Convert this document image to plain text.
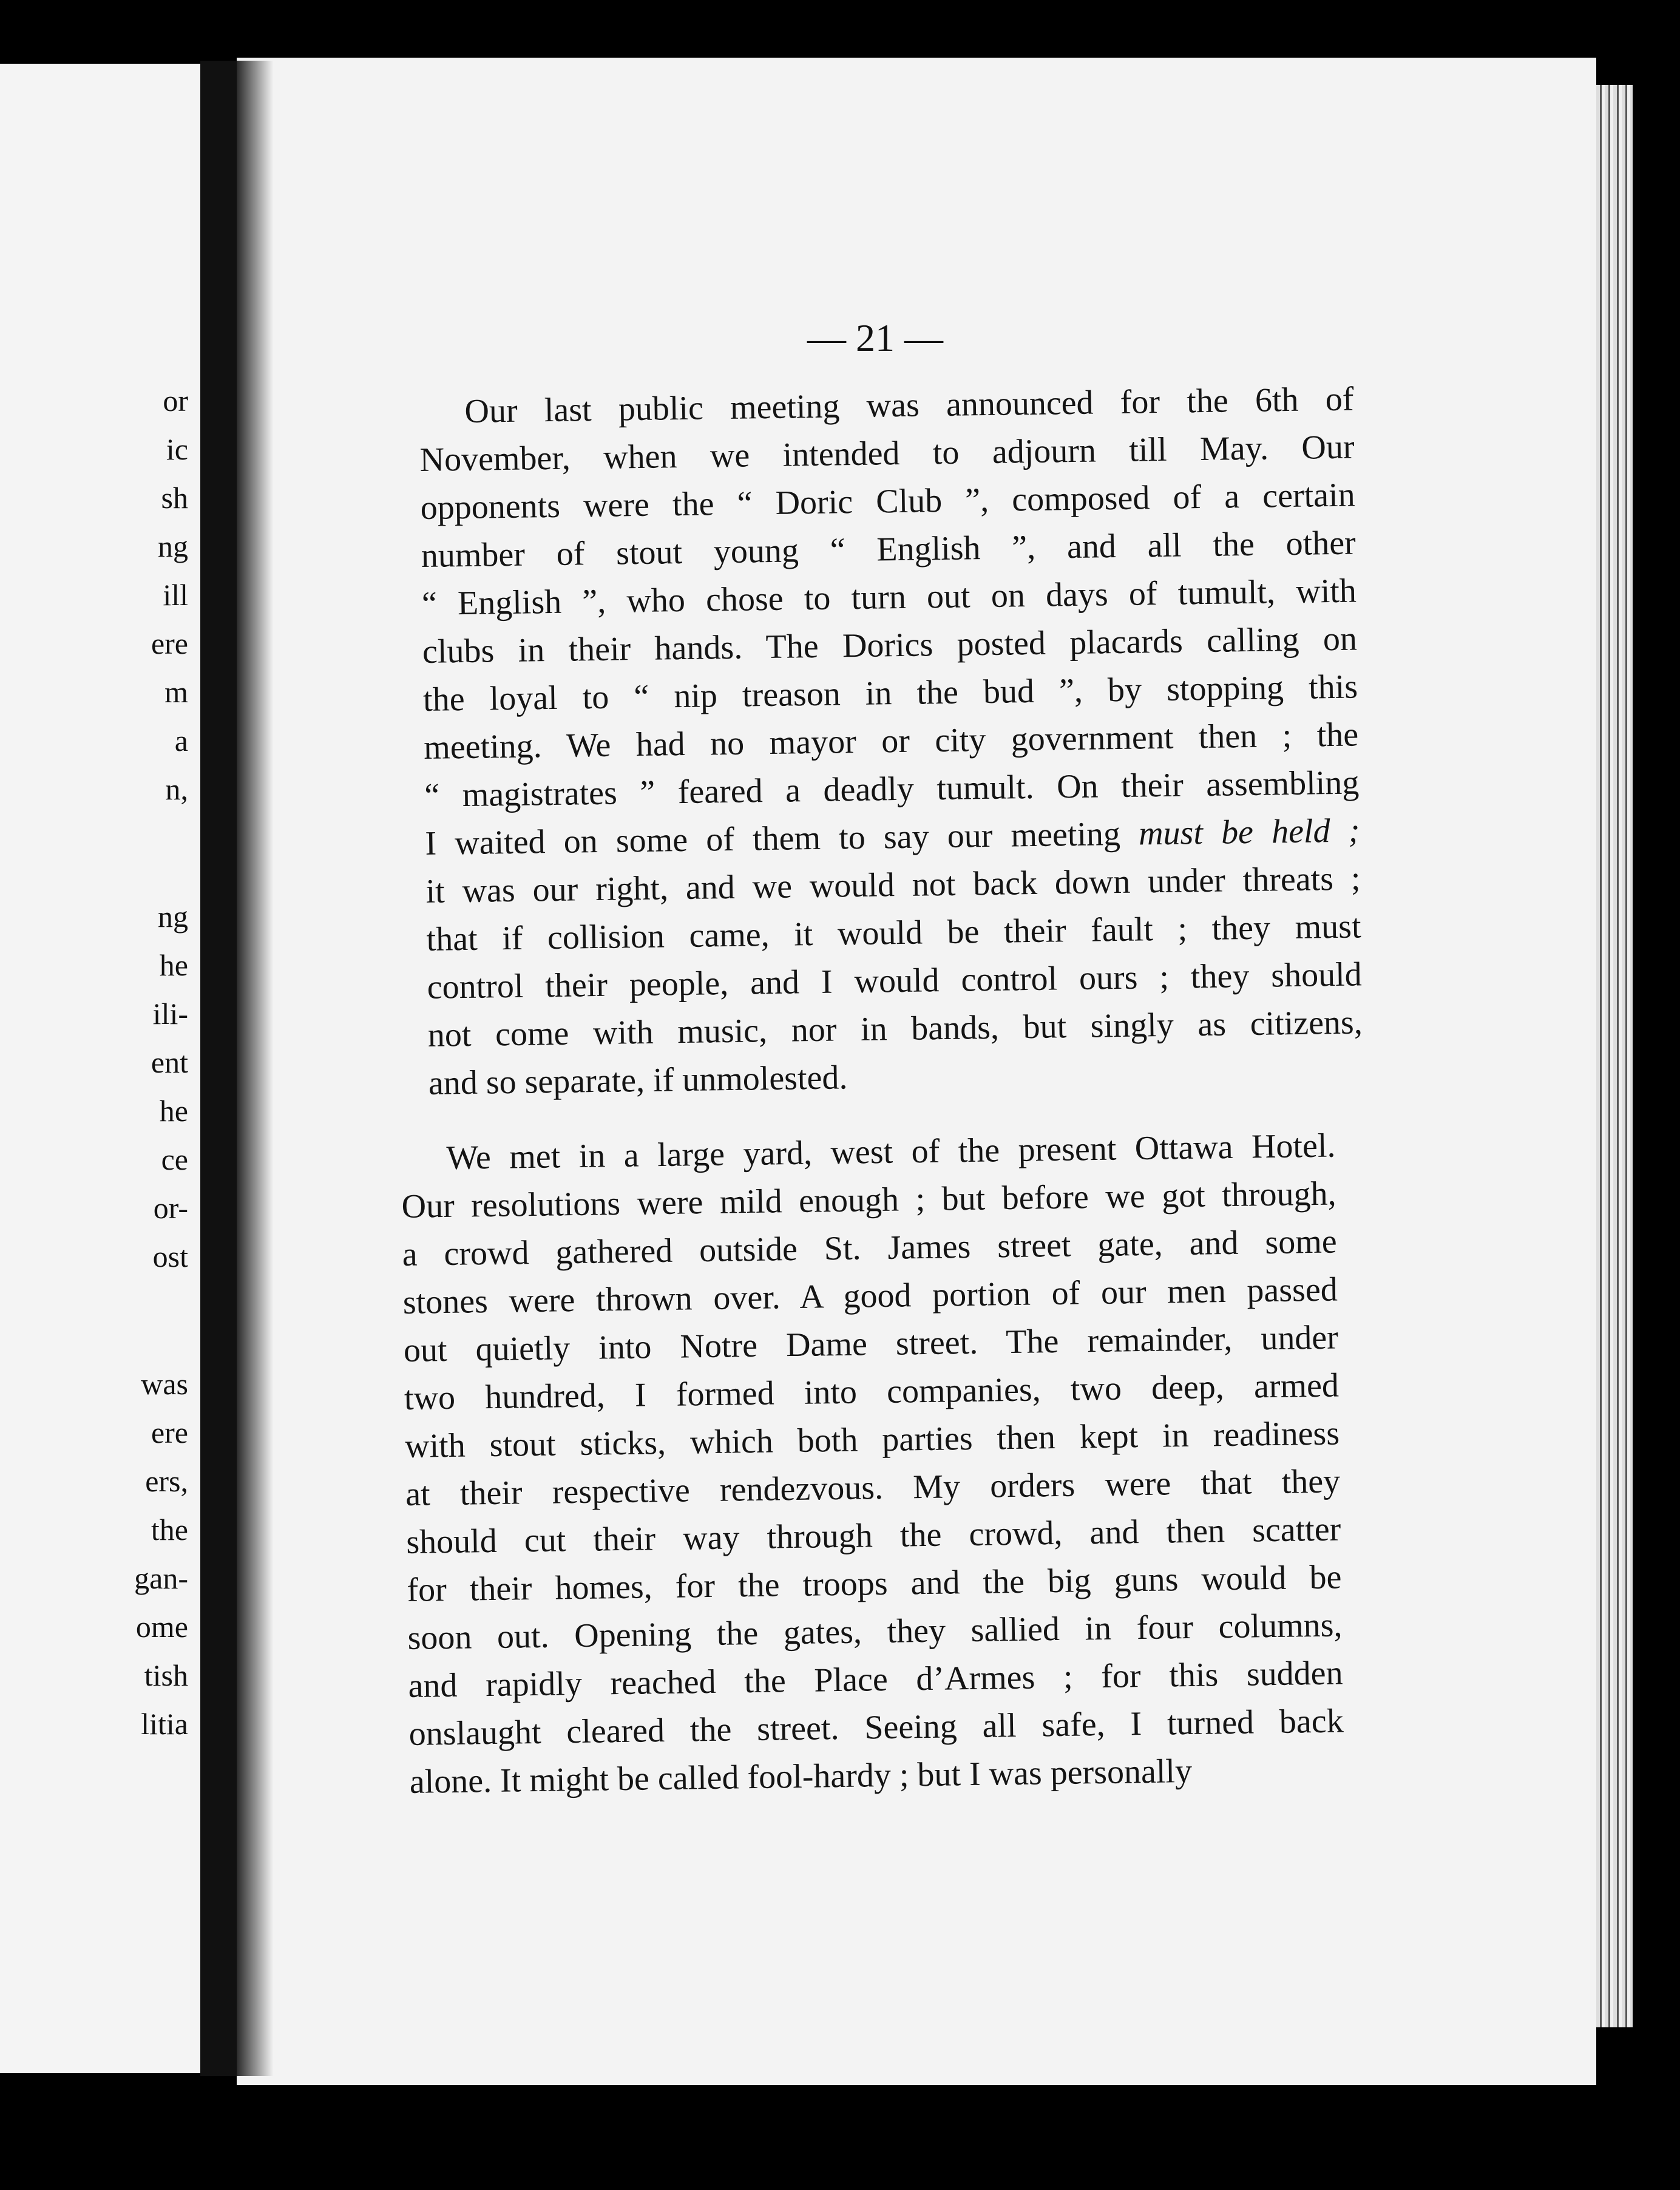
or
ic
sh
ng
ill
ere
m
a
n,
ng
he
ili-
ent
he
ce
or-
ost
was
ere
ers,
the
gan-
ome
tish
litia
— 21 —
Our last public meeting was announced for the 6th of
November, when we intended to adjourn till May. Our
opponents were the “ Doric Club ”, composed of a certain
number of stout young “ English ”, and all the other
“ English ”, who chose to turn out on days of tumult, with
clubs in their hands. The Dorics posted placards calling on
the loyal to “ nip treason in the bud ”, by stopping this
meeting. We had no mayor or city government then ; the
“ magistrates ” feared a deadly tumult. On their assembling
I waited on some of them to say our meeting must be held ;
it was our right, and we would not back down under threats ;
that if collision came, it would be their fault ; they must
control their people, and I would control ours ; they should
not come with music, nor in bands, but singly as citizens,
and so separate, if unmolested.
We met in a large yard, west of the present Ottawa Hotel.
Our resolutions were mild enough ; but before we got through,
a crowd gathered outside St. James street gate, and some
stones were thrown over. A good portion of our men passed
out quietly into Notre Dame street. The remainder, under
two hundred, I formed into companies, two deep, armed
with stout sticks, which both parties then kept in readiness
at their respective rendezvous. My orders were that they
should cut their way through the crowd, and then scatter
for their homes, for the troops and the big guns would be
soon out. Opening the gates, they sallied in four columns,
and rapidly reached the Place d’Armes ; for this sudden
onslaught cleared the street. Seeing all safe, I turned back
alone. It might be called fool-hardy ; but I was personally
